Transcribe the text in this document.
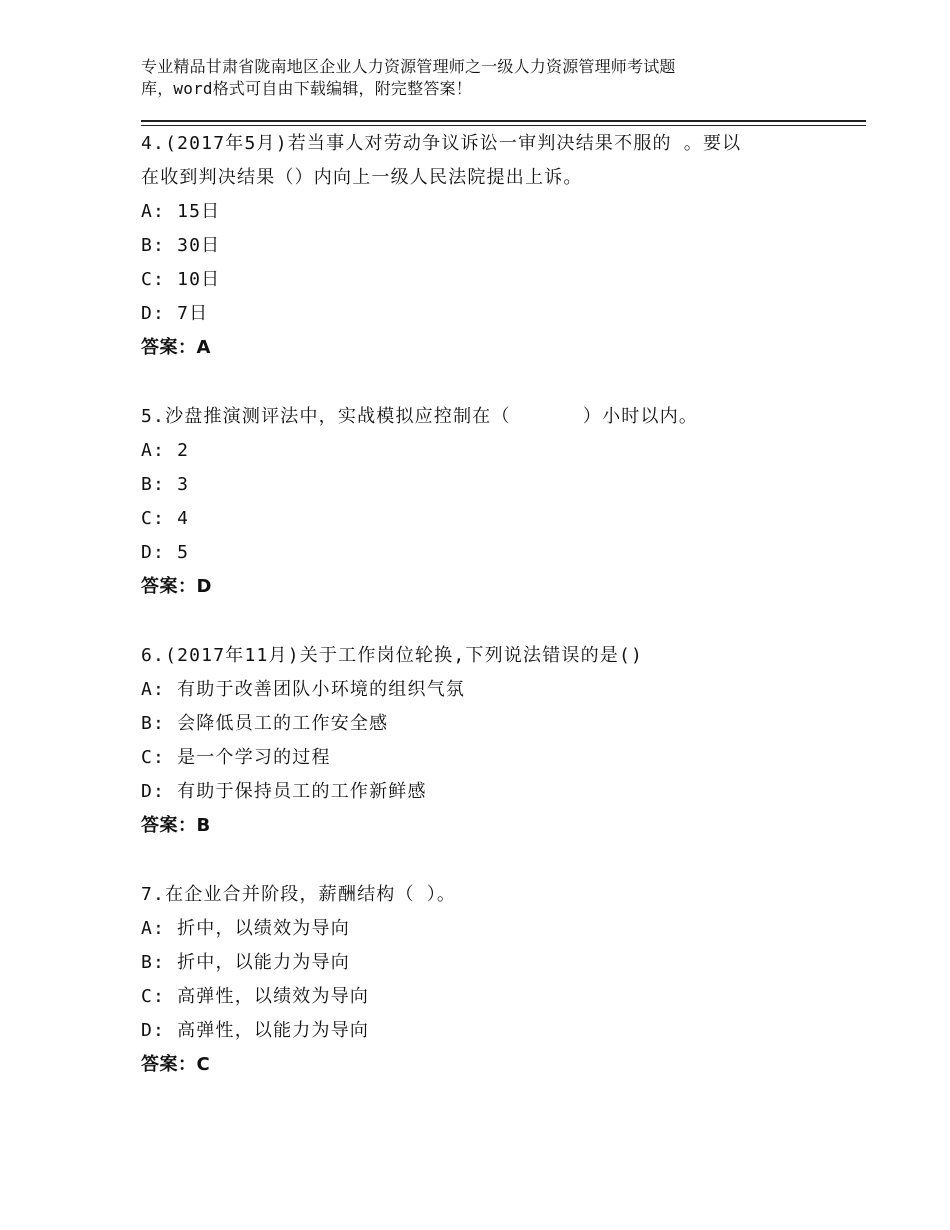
专业精品甘肃省陇南地区企业人力资源管理师之一级人力资源管理师考试题
库，word格式可自由下载编辑，附完整答案！
4.(2017年5月)若当事人对劳动争议诉讼一审判决结果不服的 。要以
在收到判决结果（）内向上一级人民法院提出上诉。
A: 15日
B: 30日
C: 10日
D: 7日
答案：A
5.沙盘推演测评法中，实战模拟应控制在（      ）小时以内。
A: 2
B: 3
C: 4
D: 5
答案：D
6.(2017年11月)关于工作岗位轮换,下列说法错误的是()
A: 有助于改善团队小环境的组织气氛
B: 会降低员工的工作安全感
C: 是一个学习的过程
D: 有助于保持员工的工作新鲜感
答案：B
7.在企业合并阶段，薪酬结构（ ）。
A: 折中，以绩效为导向
B: 折中，以能力为导向
C: 高弹性，以绩效为导向
D: 高弹性，以能力为导向
答案：C
